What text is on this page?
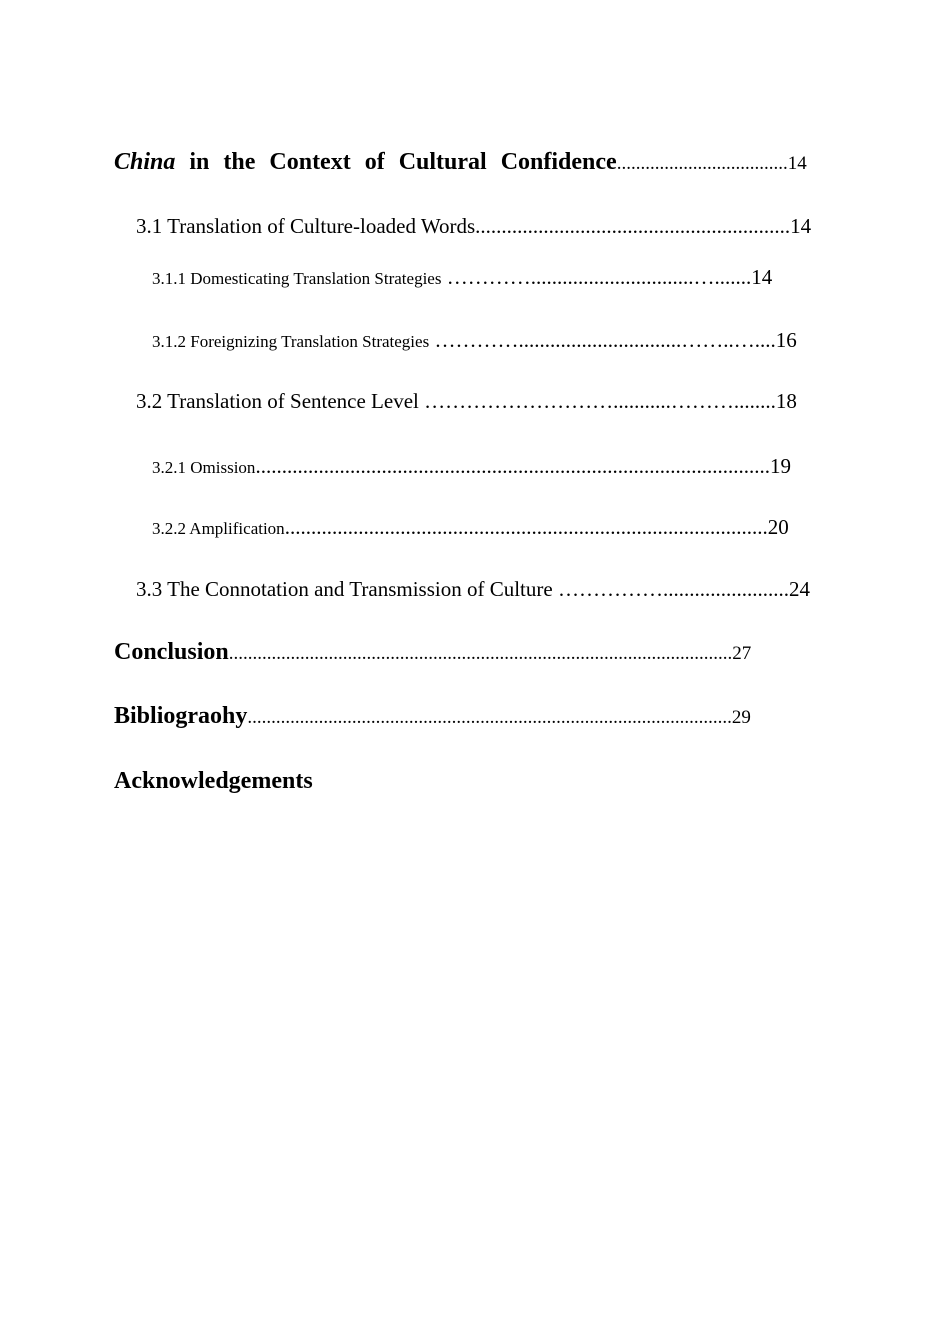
China in the Context of Cultural Confidence....................................14
3.1 Translation of Culture-loaded Words............................................................14
3.1.1 Domesticating Translation Strategies …………...............................….......14
3.1.2 Foreignizing Translation Strategies …………...............................……..…....16
3.2 Translation of Sentence Level ………………………...........………........18
3.2.1 Omission..................................................................................................19
3.2.2 Amplification............................................................................................20
3.3 The Connotation and Transmission of Culture ……………........................24
Conclusion..........................................................................................................27
Bibliograohy......................................................................................................29
Acknowledgements
